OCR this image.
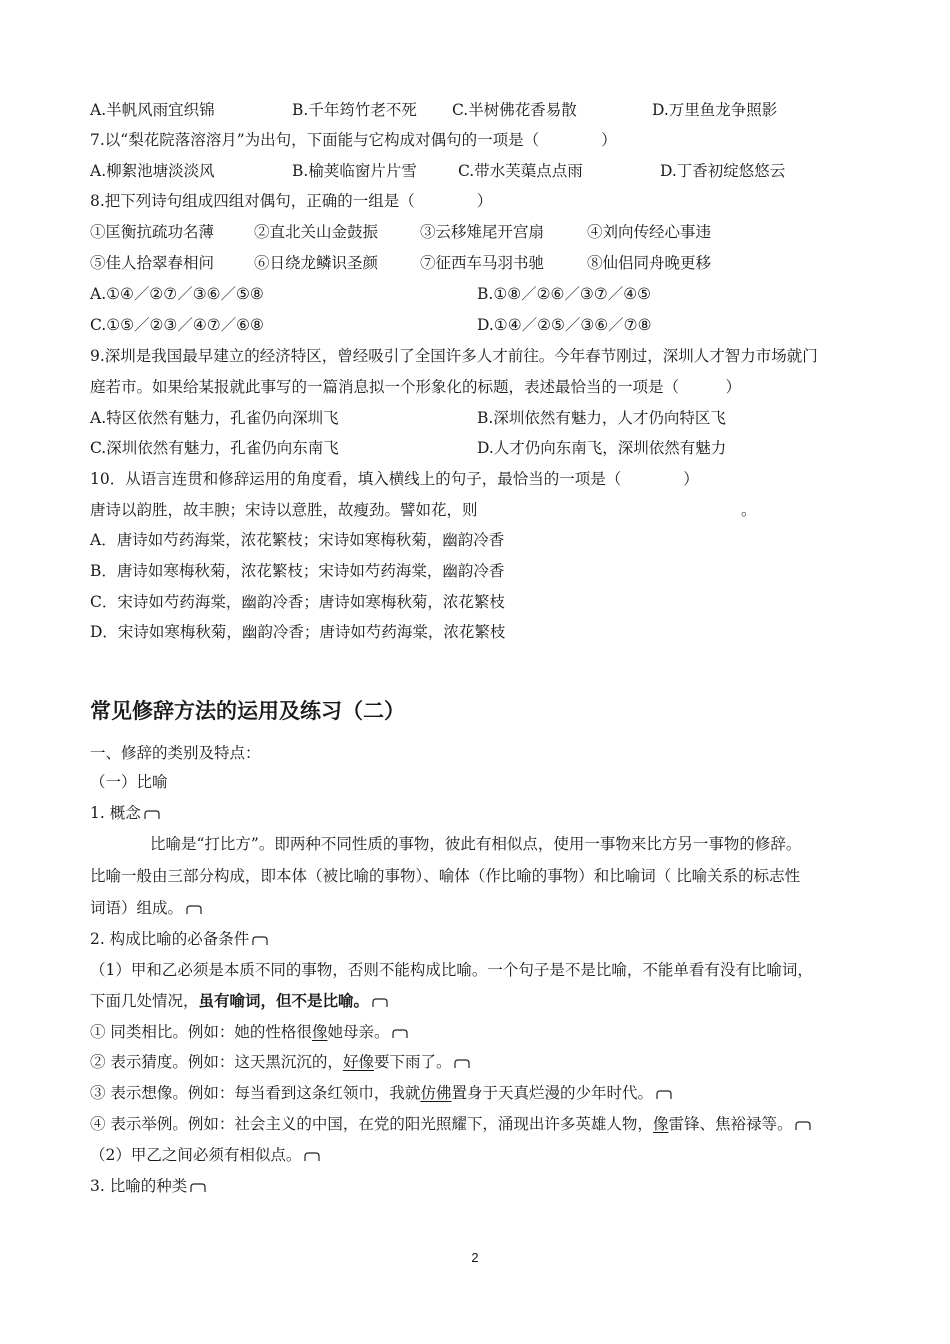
A.半帆风雨宜织锦	B.千年筠竹老不死 C.半树佛花香易散	D.万里鱼龙争照影
7.以“梨花院落溶溶月”为出句，下面能与它构成对偶句的一项是（　　　　）
A.柳絮池塘淡淡风	B.榆荚临窗片片雪	C.带水芙蕖点点雨	D.丁香初绽悠悠云
8.把下列诗句组成四组对偶句，正确的一组是（　　　　）
①匡衡抗疏功名薄	②直北关山金鼓振	③云移雉尾开宫扇	④刘向传经心事违
⑤佳人拾翠春相问	⑥日绕龙鳞识圣颜	⑦征西车马羽书驰	⑧仙侣同舟晚更移
A.①④／②⑦／③⑥／⑤⑧	B.①⑧／②⑥／③⑦／④⑤
C.①⑤／②③／④⑦／⑥⑧	D.①④／②⑤／③⑥／⑦⑧
9.深圳是我国最早建立的经济特区，曾经吸引了全国许多人才前往。今年春节刚过，深圳人才智力市场就门
庭若市。如果给某报就此事写的一篇消息拟一个形象化的标题，表述最恰当的一项是（　　　）
A.特区依然有魅力，孔雀仍向深圳飞	B.深圳依然有魅力，人才仍向特区飞
C.深圳依然有魅力，孔雀仍向东南飞	D.人才仍向东南飞，深圳依然有魅力
10．从语言连贯和修辞运用的角度看，填入横线上的句子，最恰当的一项是（　　　　）
唐诗以韵胜，故丰腴；宋诗以意胜，故瘦劲。譬如花，则　　　　　　　　　　　　　　　　　。
A．唐诗如芍药海棠，浓花繁枝；宋诗如寒梅秋菊，幽韵冷香
B．唐诗如寒梅秋菊，浓花繁枝；宋诗如芍药海棠，幽韵冷香
C．宋诗如芍药海棠，幽韵冷香；唐诗如寒梅秋菊，浓花繁枝
D．宋诗如寒梅秋菊，幽韵冷香；唐诗如芍药海棠，浓花繁枝
常见修辞方法的运用及练习（二）
一、修辞的类别及特点：
（一）比喻
1. 概念
比喻是“打比方”。即两种不同性质的事物，彼此有相似点，使用一事物来比方另一事物的修辞。
比喻一般由三部分构成，即本体（被比喻的事物）、喻体（作比喻的事物）和比喻词（ 比喻关系的标志性
词语）组成。
2. 构成比喻的必备条件
（1）甲和乙必须是本质不同的事物，否则不能构成比喻。一个句子是不是比喻，不能单看有没有比喻词，
下面几处情况，虽有喻词，但不是比喻。
① 同类相比。例如：她的性格很像她母亲。
② 表示猜度。例如：这天黑沉沉的，好像要下雨了。
③ 表示想像。例如：每当看到这条红领巾，我就仿佛置身于天真烂漫的少年时代。
④ 表示举例。例如：社会主义的中国，在党的阳光照耀下，涌现出许多英雄人物，像雷锋、焦裕禄等。
（2）甲乙之间必须有相似点。
3. 比喻的种类
2
